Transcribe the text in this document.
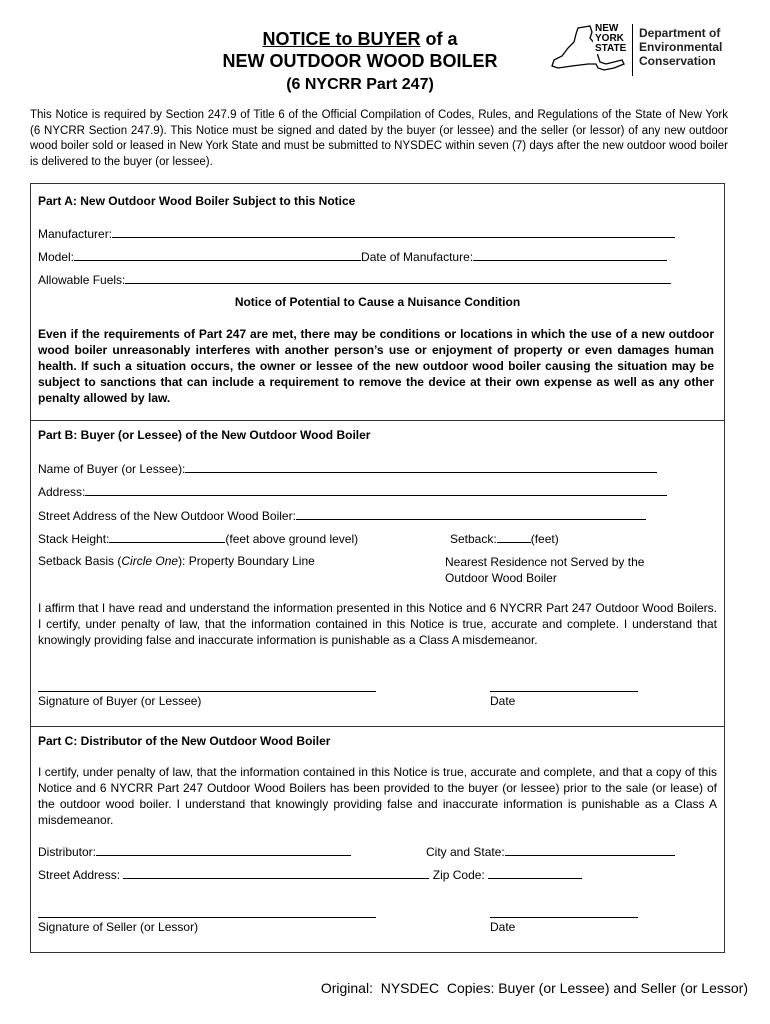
NOTICE to BUYER of a
NEW OUTDOOR WOOD BOILER
(6 NYCRR Part 247)
NEW
YORK
STATE
Department of
Environmental
Conservation
This Notice is required by Section 247.9 of Title 6 of the Official Compilation of Codes, Rules, and Regulations of the State of New York (6 NYCRR Section 247.9). This Notice must be signed and dated by the buyer (or lessee) and the seller (or lessor) of any new outdoor wood boiler sold or leased in New York State and must be submitted to NYSDEC within seven (7) days after the new outdoor wood boiler is delivered to the buyer (or lessee).
Part A: New Outdoor Wood Boiler Subject to this Notice
Manufacturer:
Model:	Date of Manufacture:
Allowable Fuels:
Notice of Potential to Cause a Nuisance Condition
Even if the requirements of Part 247 are met, there may be conditions or locations in which the use of a new outdoor wood boiler unreasonably interferes with another person’s use or enjoyment of property or even damages human health. If such a situation occurs, the owner or lessee of the new outdoor wood boiler causing the situation may be subject to sanctions that can include a requirement to remove the device at their own expense as well as any other penalty allowed by law.
Part B: Buyer (or Lessee) of the New Outdoor Wood Boiler
Name of Buyer (or Lessee):
Address:
Street Address of the New Outdoor Wood Boiler:
Stack Height:	(feet above ground level)	Setback:	(feet)
Setback Basis (Circle One): Property Boundary Line	Nearest Residence not Served by the
Outdoor Wood Boiler
I affirm that I have read and understand the information presented in this Notice and 6 NYCRR Part 247 Outdoor Wood Boilers. I certify, under penalty of law, that the information contained in this Notice is true, accurate and complete. I understand that knowingly providing false and inaccurate information is punishable as a Class A misdemeanor.
Signature of Buyer (or Lessee)	Date
Part C: Distributor of the New Outdoor Wood Boiler
I certify, under penalty of law, that the information contained in this Notice is true, accurate and complete, and that a copy of this Notice and 6 NYCRR Part 247 Outdoor Wood Boilers has been provided to the buyer (or lessee) prior to the sale (or lease) of the outdoor wood boiler. I understand that knowingly providing false and inaccurate information is punishable as a Class A misdemeanor.
Distributor:	City and State:
Street Address:	Zip Code:
Signature of Seller (or Lessor)	Date
Original:  NYSDEC  Copies: Buyer (or Lessee) and Seller (or Lessor)
